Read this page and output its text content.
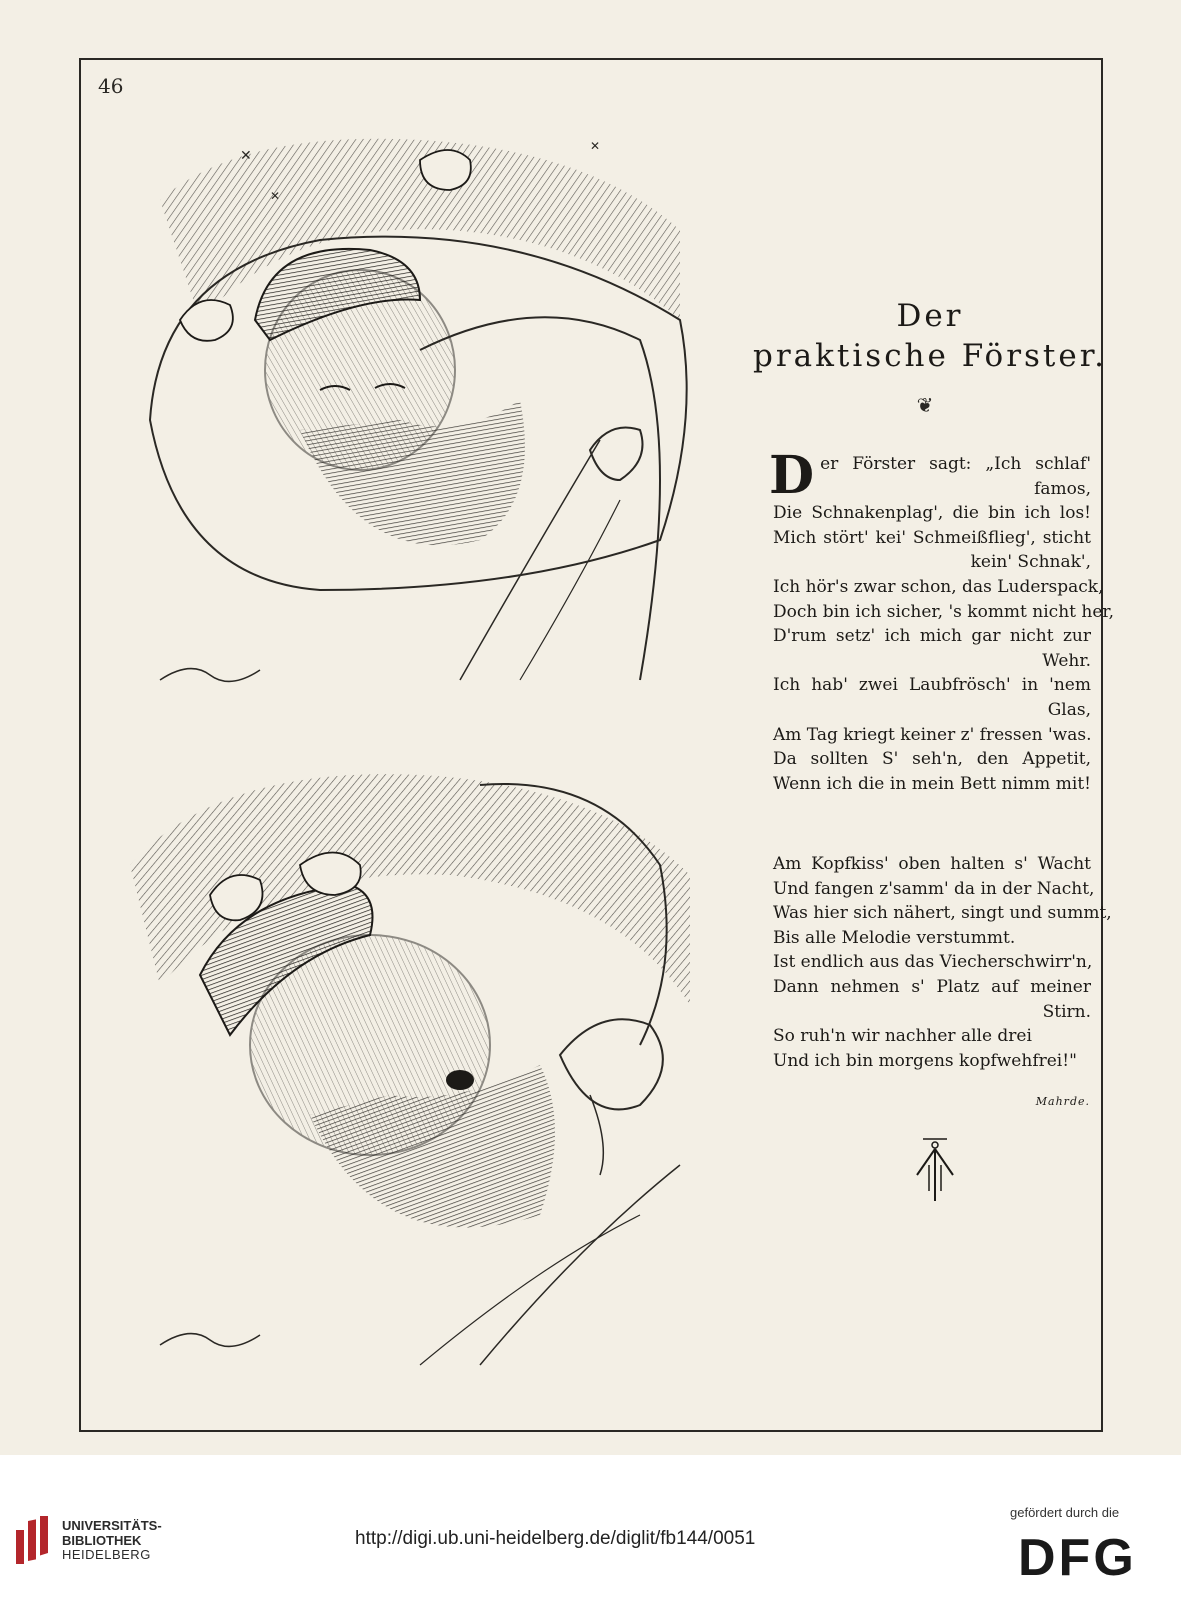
46
✕
✕
✕
Der
praktische Förster.
❦
D er Förster sagt: „Ich schlaf'
famos,
Die Schnakenplag', die bin ich los!
Mich stört' kei' Schmeißflieg', sticht
kein' Schnak',
Ich hör's zwar schon, das Luderspack,
Doch bin ich sicher, 's kommt nicht her,
D'rum setz' ich mich gar nicht zur
Wehr.
Ich hab' zwei Laubfrösch' in 'nem
Glas,
Am Tag kriegt keiner z' fressen 'was.
Da sollten S' seh'n, den Appetit,
Wenn ich die in mein Bett nimm mit!
Am Kopfkiss' oben halten s' Wacht
Und fangen z'samm' da in der Nacht,
Was hier sich nähert, singt und summt,
Bis alle Melodie verstummt.
Ist endlich aus das Viecherschwirr'n,
Dann nehmen s' Platz auf meiner
Stirn.
So ruh'n wir nachher alle drei
Und ich bin morgens kopfwehfrei!"
Mahrde.
UNIVERSITÄTS-
BIBLIOTHEK
HEIDELBERG
http://digi.ub.uni-heidelberg.de/diglit/fb144/0051
gefördert durch die
DFG
